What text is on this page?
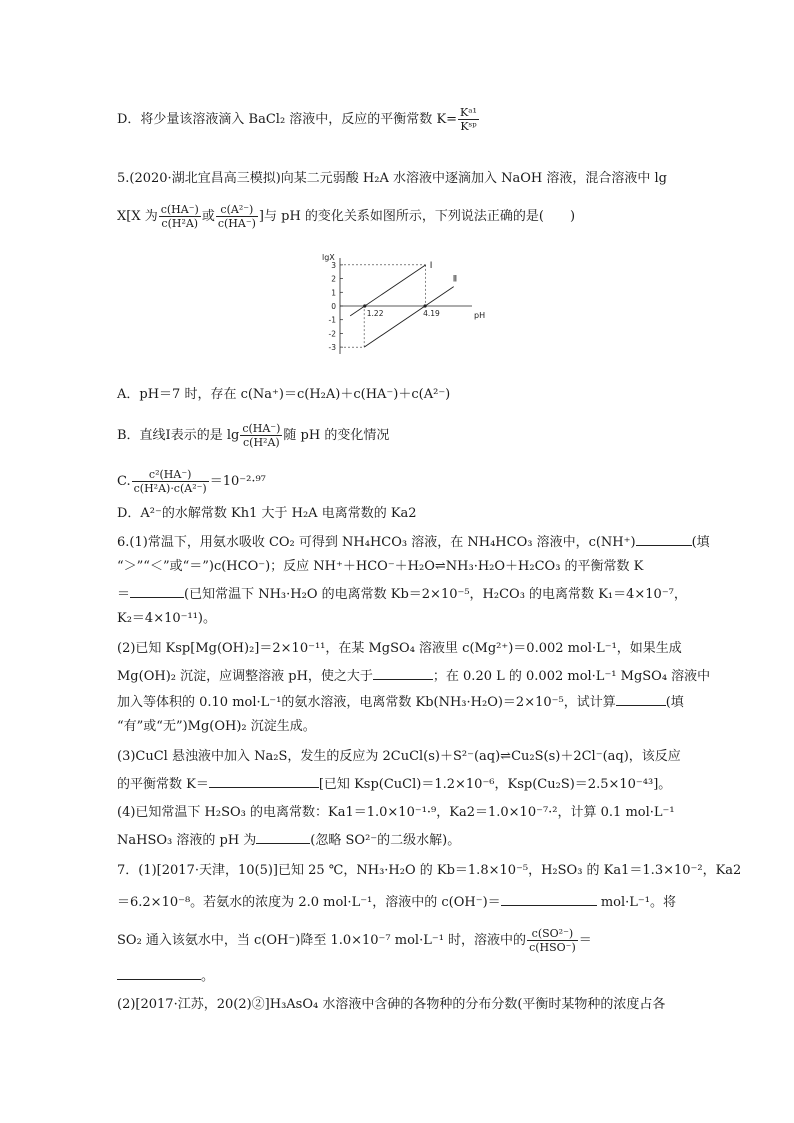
D．将少量该溶液滴入 BaCl₂ 溶液中，反应的平衡常数 $K= \frac{\text{Kᵃ¹}}{\text{Kˢᵖ}}$
5.(2020·湖北宜昌高三模拟)向某二元弱酸 H₂A 水溶液中逐滴加入 NaOH 溶液，混合溶液中 lg
X[X 为 $\frac{c(HA^-)}{\text{c(H²A)}}$ 或 $\frac{\text{c(A²⁻)}}{c(HA^-)}$ ]与 pH 的变化关系如图所示，下列说法正确的是(　　)
lgX
pH
3
2
1
0
-1
-2
-3
1.22	4.19
Ⅰ
Ⅱ
A．pH＝7 时，存在 c(Na⁺)＝c(H₂A)＋c(HA⁻)＋c(A²⁻)
B．直线Ⅰ表示的是 $\lg \frac{c(HA^-)}{\text{c(H²A)}}$ 随 pH 的变化情况
C. $\frac{\text{c²(HA⁻)}}{\text{c(H²A)·c(A²⁻)}} =10^{-2}\cdot^{97}$
D．A²⁻的水解常数 Kh1 大于 H₂A 电离常数的 Ka2
6.(1)常温下，用氨水吸收 CO₂ 可得到 NH₄HCO₃ 溶液，在 NH₄HCO₃ 溶液中，c(NH⁺)	(填
“＞”“＜”或“＝”)c(HCO⁻)；反应 NH⁺＋HCO⁻＋H₂O⇌NH₃·H₂O＋H₂CO₃ 的平衡常数 K
＝	(已知常温下 NH₃·H₂O 的电离常数 Kb＝2×10⁻⁵，H₂CO₃ 的电离常数 K₁＝4×10⁻⁷，
K₂＝4×10⁻¹¹)。
(2)已知 Ksp[Mg(OH)₂]＝2×10⁻¹¹，在某 MgSO₄ 溶液里 c(Mg²⁺)＝0.002 mol·L⁻¹，如果生成
Mg(OH)₂ 沉淀，应调整溶液 pH，使之大于	；在 0.20 L 的 0.002 mol·L⁻¹ MgSO₄ 溶液中
加入等体积的 0.10 mol·L⁻¹的氨水溶液，电离常数 Kb(NH₃·H₂O)＝2×10⁻⁵，试计算	(填
“有”或“无”)Mg(OH)₂ 沉淀生成。
(3)CuCl 悬浊液中加入 Na₂S，发生的反应为 2CuCl(s)＋S²⁻(aq)⇌Cu₂S(s)＋2Cl⁻(aq)，该反应
的平衡常数 K＝	[已知 Ksp(CuCl)＝1.2×10⁻⁶，Ksp(Cu₂S)＝2.5×10⁻⁴³]。
(4)已知常温下 H₂SO₃ 的电离常数：Ka1＝1.0×10⁻¹·⁹，Ka2＝1.0×10⁻⁷·²，计算 0.1 mol·L⁻¹
NaHSO₃ 溶液的 pH 为	(忽略 SO²⁻的二级水解)。
7．(1)[2017·天津，10(5)]已知 25 ℃，NH₃·H₂O 的 Kb＝1.8×10⁻⁵，H₂SO₃ 的 Ka1＝1.3×10⁻²，Ka2
＝6.2×10⁻⁸。若氨水的浓度为 2.0 mol·L⁻¹，溶液中的 c(OH⁻)＝	mol·L⁻¹。将
SO₂ 通入该氨水中，当 c(OH⁻)降至 1.0×10⁻⁷ mol·L⁻¹ 时，溶液中的 $\frac{\text{c(SO²⁻)}}{\text{c(HSO⁻)}}$ ＝
。
(2)[2017·江苏，20(2)②]H₃AsO₄ 水溶液中含砷的各物种的分布分数(平衡时某物种的浓度占各
